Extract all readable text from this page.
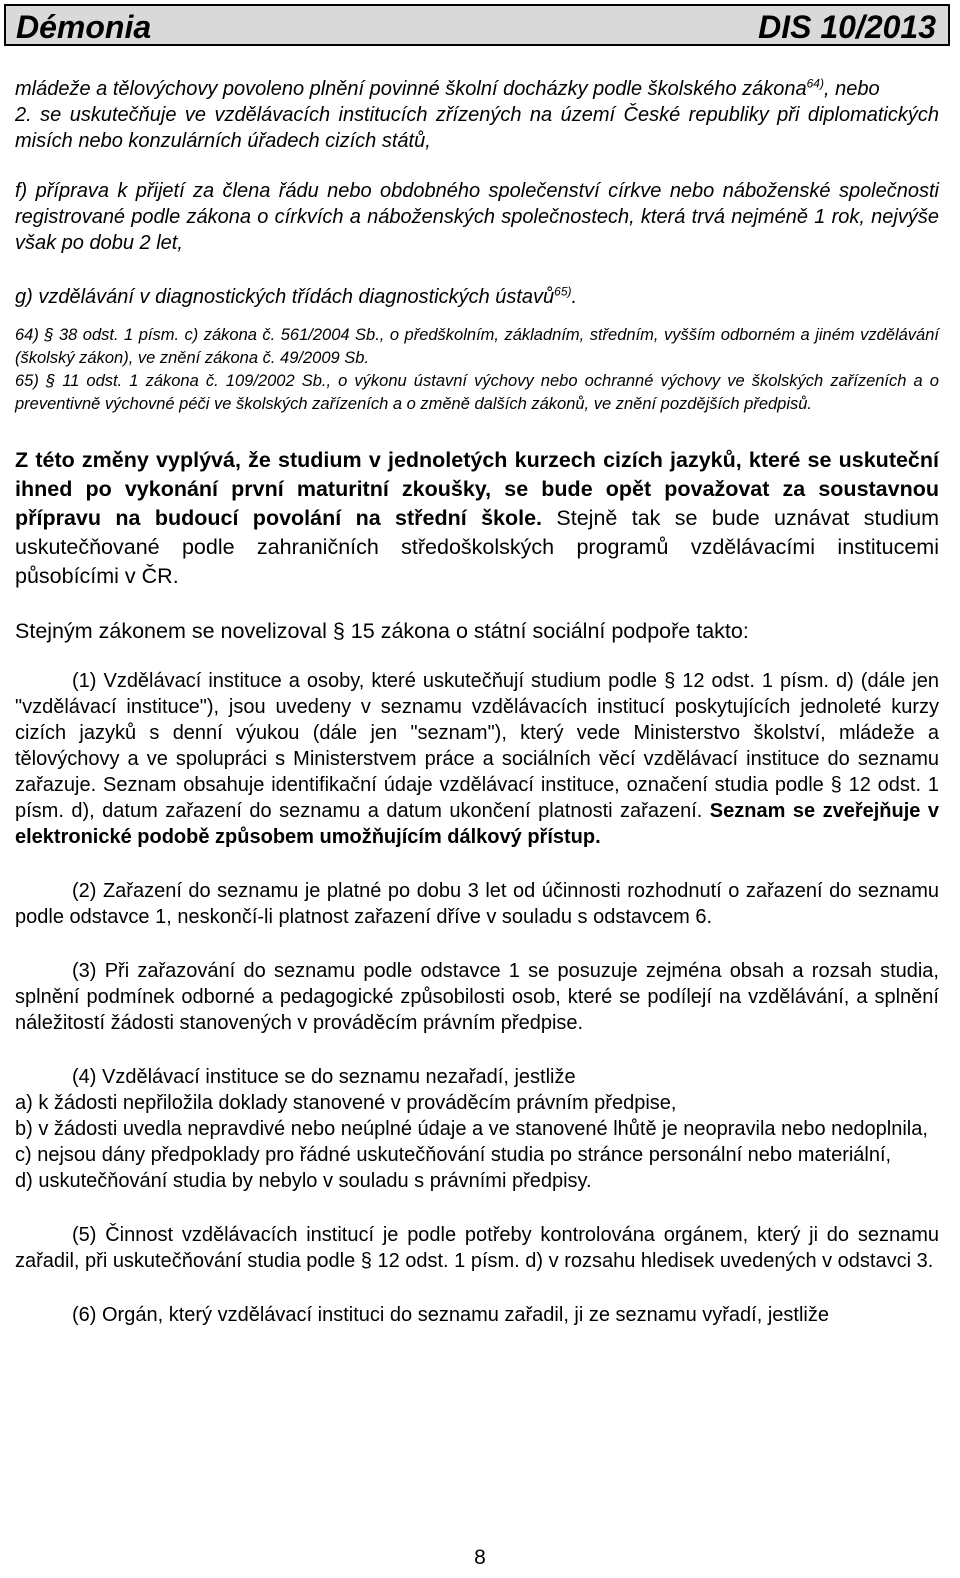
Démonia	DIS 10/2013

mládeže a tělovýchovy povoleno plnění povinné školní docházky podle školského zákona$^{64)}$, nebo

2. se uskutečňuje ve vzdělávacích institucích zřízených na území České republiky při diplomatických misích nebo konzulárních úřadech cizích států,

f) příprava k přijetí za člena řádu nebo obdobného společenství církve nebo náboženské společnosti registrované podle zákona o církvích a náboženských společnostech, která trvá nejméně 1 rok, nejvýše však po dobu 2 let,

g) vzdělávání v diagnostických třídách diagnostických ústavů$^{65)}$.

64) § 38 odst. 1 písm. c) zákona č. 561/2004 Sb., o předškolním, základním, středním, vyšším odborném a jiném vzdělávání (školský zákon), ve znění zákona č. 49/2009 Sb.

65) § 11 odst. 1 zákona č. 109/2002 Sb., o výkonu ústavní výchovy nebo ochranné výchovy ve školských zařízeních a o preventivně výchovné péči ve školských zařízeních a o změně dalších zákonů, ve znění pozdějších předpisů.

Z této změny vyplývá, že studium v jednoletých kurzech cizích jazyků, které se uskuteční ihned po vykonání první maturitní zkoušky, se bude opět považovat za soustavnou přípravu na budoucí povolání na střední škole. Stejně tak se bude uznávat studium uskutečňované podle zahraničních středoškolských programů vzdělávacími institucemi působícími v ČR.

Stejným zákonem se novelizoval § 15 zákona o státní sociální podpoře takto:

(1) Vzdělávací instituce a osoby, které uskutečňují studium podle § 12 odst. 1 písm. d) (dále jen "vzdělávací instituce"), jsou uvedeny v seznamu vzdělávacích institucí poskytujících jednoleté kurzy cizích jazyků s denní výukou (dále jen "seznam"), který vede Ministerstvo školství, mládeže a tělovýchovy a ve spolupráci s Ministerstvem práce a sociálních věcí vzdělávací instituce do seznamu zařazuje. Seznam obsahuje identifikační údaje vzdělávací instituce, označení studia podle § 12 odst. 1 písm. d), datum zařazení do seznamu a datum ukončení platnosti zařazení. Seznam se zveřejňuje v elektronické podobě způsobem umožňujícím dálkový přístup.

(2) Zařazení do seznamu je platné po dobu 3 let od účinnosti rozhodnutí o zařazení do seznamu podle odstavce 1, neskončí-li platnost zařazení dříve v souladu s odstavcem 6.

(3) Při zařazování do seznamu podle odstavce 1 se posuzuje zejména obsah a rozsah studia, splnění podmínek odborné a pedagogické způsobilosti osob, které se podílejí na vzdělávání, a splnění náležitostí žádosti stanovených v prováděcím právním předpise.

(4) Vzdělávací instituce se do seznamu nezařadí, jestliže

a) k žádosti nepřiložila doklady stanovené v prováděcím právním předpise,

b) v žádosti uvedla nepravdivé nebo neúplné údaje a ve stanovené lhůtě je neopravila nebo nedoplnila,

c) nejsou dány předpoklady pro řádné uskutečňování studia po stránce personální nebo materiální,

d) uskutečňování studia by nebylo v souladu s právními předpisy.

(5) Činnost vzdělávacích institucí je podle potřeby kontrolována orgánem, který ji do seznamu zařadil, při uskutečňování studia podle § 12 odst. 1 písm. d) v rozsahu hledisek uvedených v odstavci 3.

(6) Orgán, který vzdělávací instituci do seznamu zařadil, ji ze seznamu vyřadí, jestliže

8
